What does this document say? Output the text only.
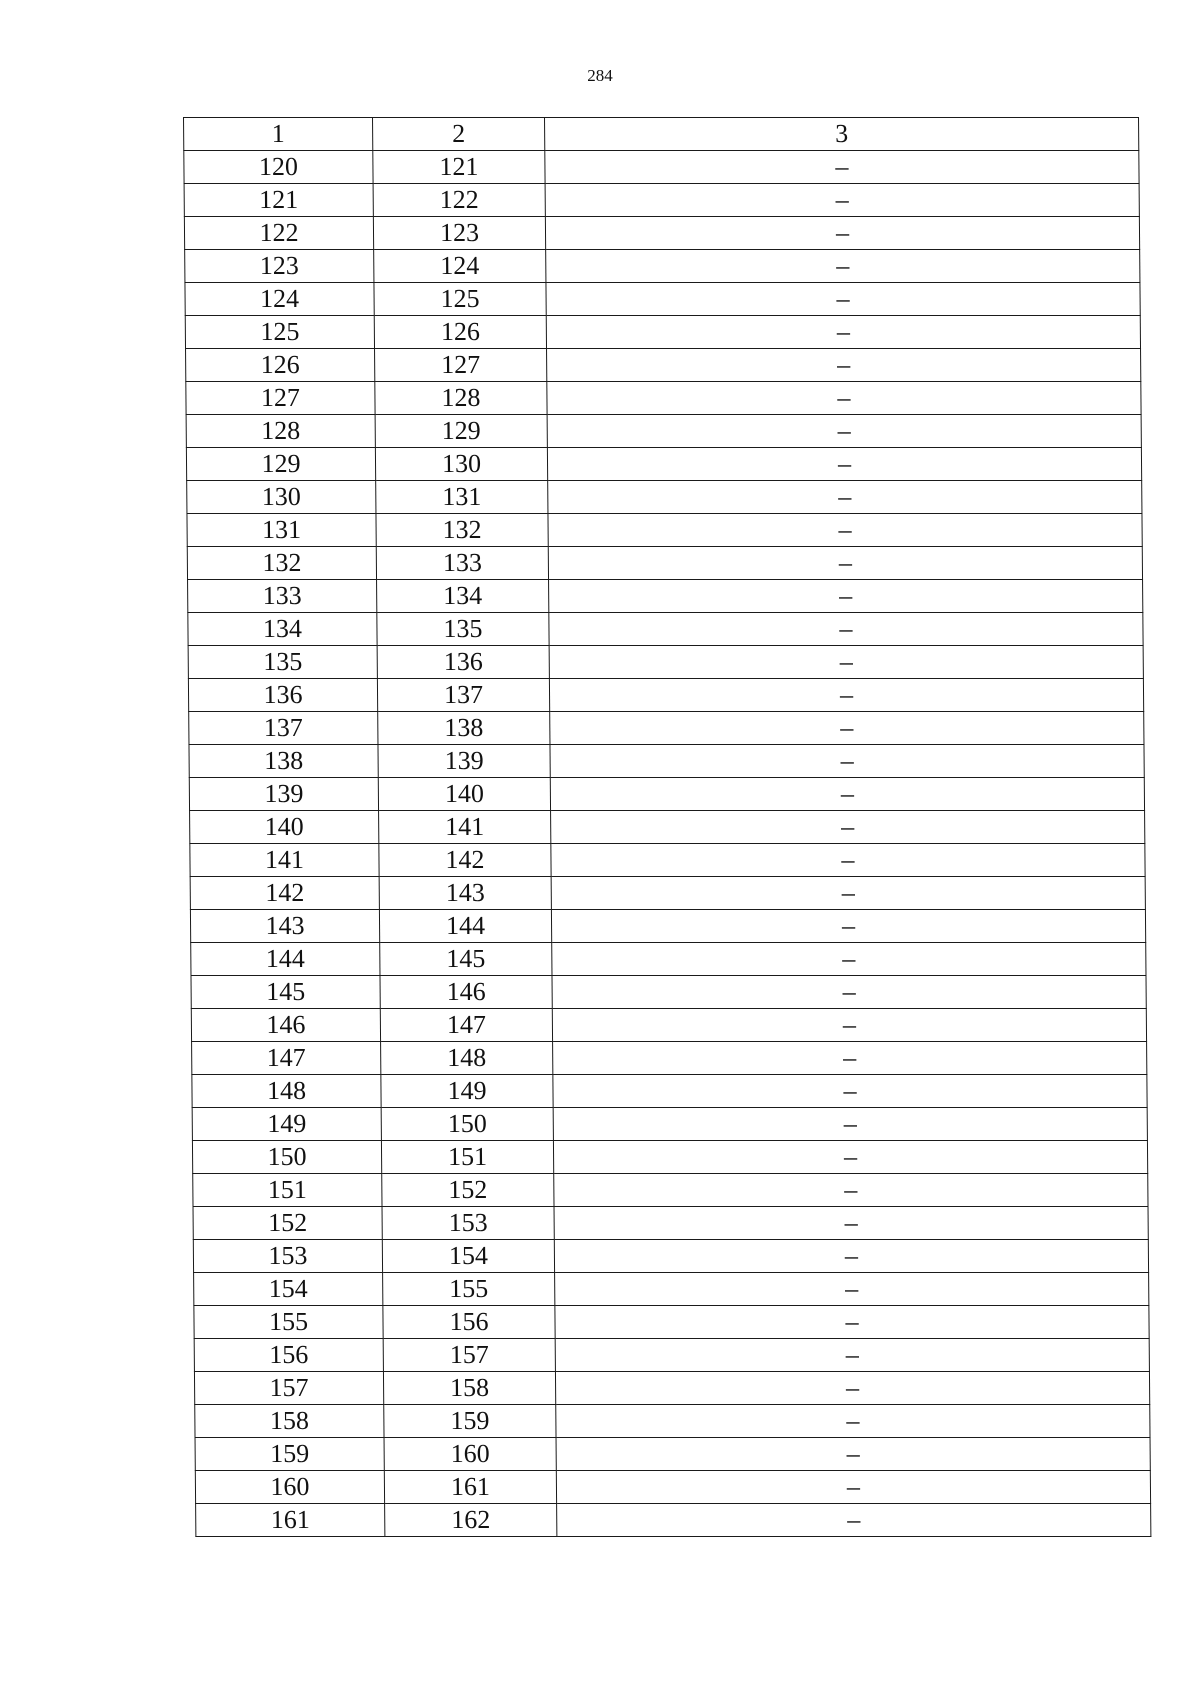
284
1	2	3
120	121	–
121	122	–
122	123	–
123	124	–
124	125	–
125	126	–
126	127	–
127	128	–
128	129	–
129	130	–
130	131	–
131	132	–
132	133	–
133	134	–
134	135	–
135	136	–
136	137	–
137	138	–
138	139	–
139	140	–
140	141	–
141	142	–
142	143	–
143	144	–
144	145	–
145	146	–
146	147	–
147	148	–
148	149	–
149	150	–
150	151	–
151	152	–
152	153	–
153	154	–
154	155	–
155	156	–
156	157	–
157	158	–
158	159	–
159	160	–
160	161	–
161	162	–
